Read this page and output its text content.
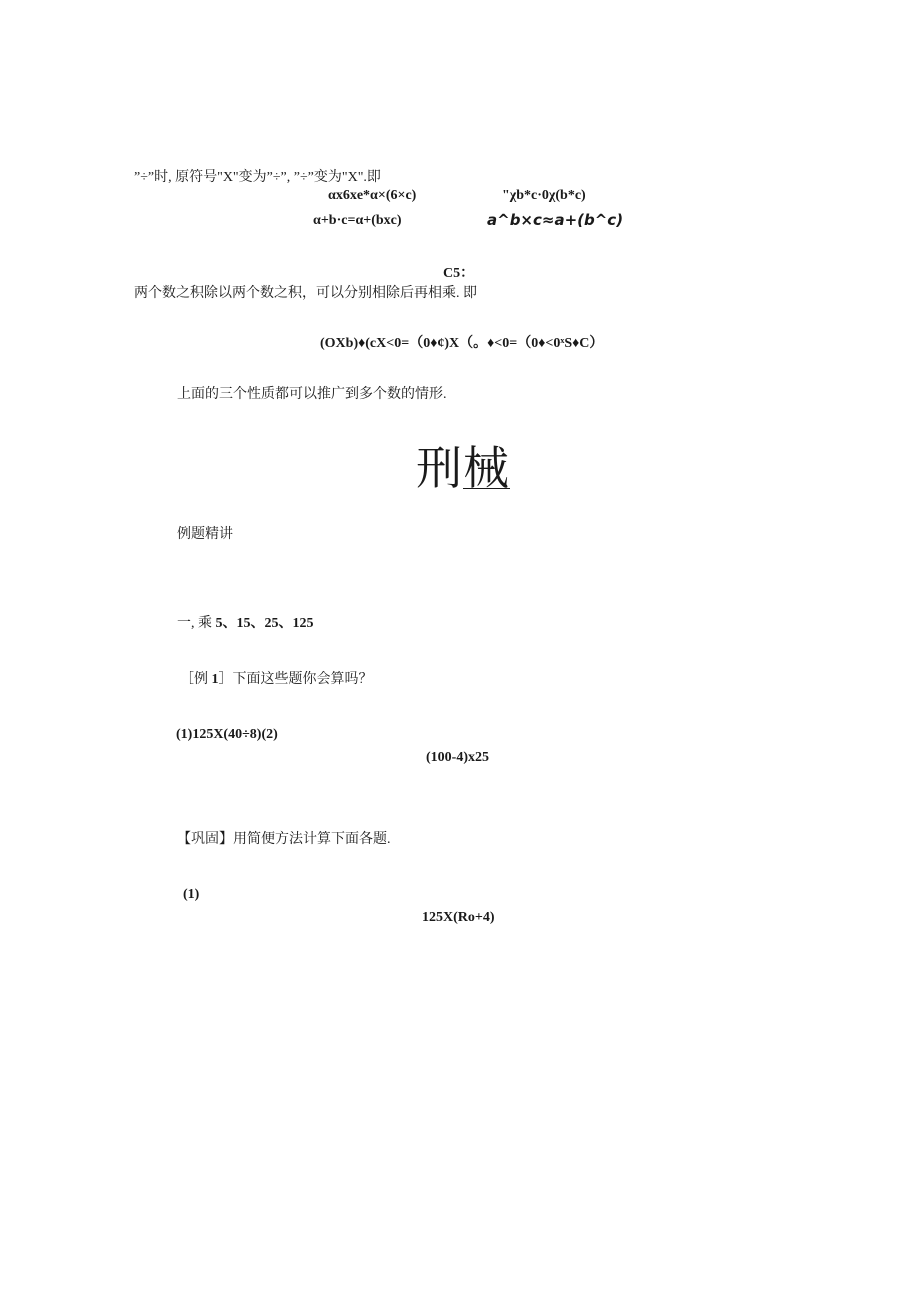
”÷”时, 原符号"X"变为”÷”, ”÷”变为"X".即
αx6xe*α×(6×c)	"χb*c·0χ(b*c)
α+b·c=α+(bxc)	a^b×c≈a+(b^c)
C5：
两个数之积除以两个数之积，可以分别相除后再相乘. 即
(OXb)♦(cX<0=（0♦¢)X（。♦<0=（0♦<0ˣS♦C）
上面的三个性质都可以推广到多个数的情形.
刑械
例题精讲
一, 乘 5、15、25、125
［例 1］下面这些题你会算吗？
(1)125X(40÷8)(2)
(100-4)x25
【巩固】用简便方法计算下面各题.
(1)
125X(Ro+4)
